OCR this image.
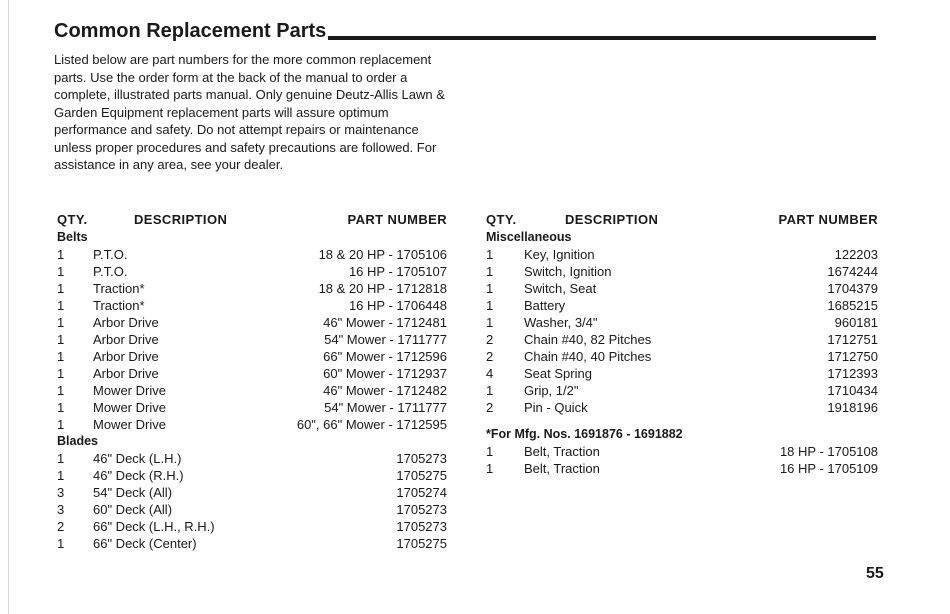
Common Replacement Parts

Listed below are part numbers for the more common replacement parts. Use the order form at the back of the manual to order a complete, illustrated parts manual. Only genuine Deutz-Allis Lawn & Garden Equipment replacement parts will assure optimum performance and safety. Do not attempt repairs or maintenance unless proper procedures and safety precautions are followed. For assistance in any area, see your dealer.

QTY.	DESCRIPTION	PART NUMBER
Belts
1 P.T.O.	18 & 20 HP - 1705106
1 P.T.O.	16 HP - 1705107
1 Traction*	18 & 20 HP - 1712818
1 Traction*	16 HP - 1706448
1 Arbor Drive	46" Mower - 1712481
1 Arbor Drive	54" Mower - 1711777
1 Arbor Drive	66" Mower - 1712596
1 Arbor Drive	60" Mower - 1712937
1 Mower Drive	46" Mower - 1712482
1 Mower Drive	54" Mower - 1711777
1 Mower Drive	60", 66" Mower - 1712595
Blades
1 46" Deck (L.H.)	1705273
1 46" Deck (R.H.)	1705275
3 54" Deck (All)	1705274
3 60" Deck (All)	1705273
2 66" Deck (L.H., R.H.)	1705273
1 66" Deck (Center)	1705275
QTY.	DESCRIPTION	PART NUMBER
Miscellaneous
1 Key, Ignition	122203
1 Switch, Ignition	1674244
1 Switch, Seat	1704379
1 Battery	1685215
1 Washer, 3/4"	960181
2 Chain #40, 82 Pitches	1712751
2 Chain #40, 40 Pitches	1712750
4 Seat Spring	1712393
1 Grip, 1/2"	1710434
2 Pin - Quick	1918196
*For Mfg. Nos. 1691876 - 1691882
1 Belt, Traction	18 HP - 1705108
1 Belt, Traction	16 HP - 1705109
55
